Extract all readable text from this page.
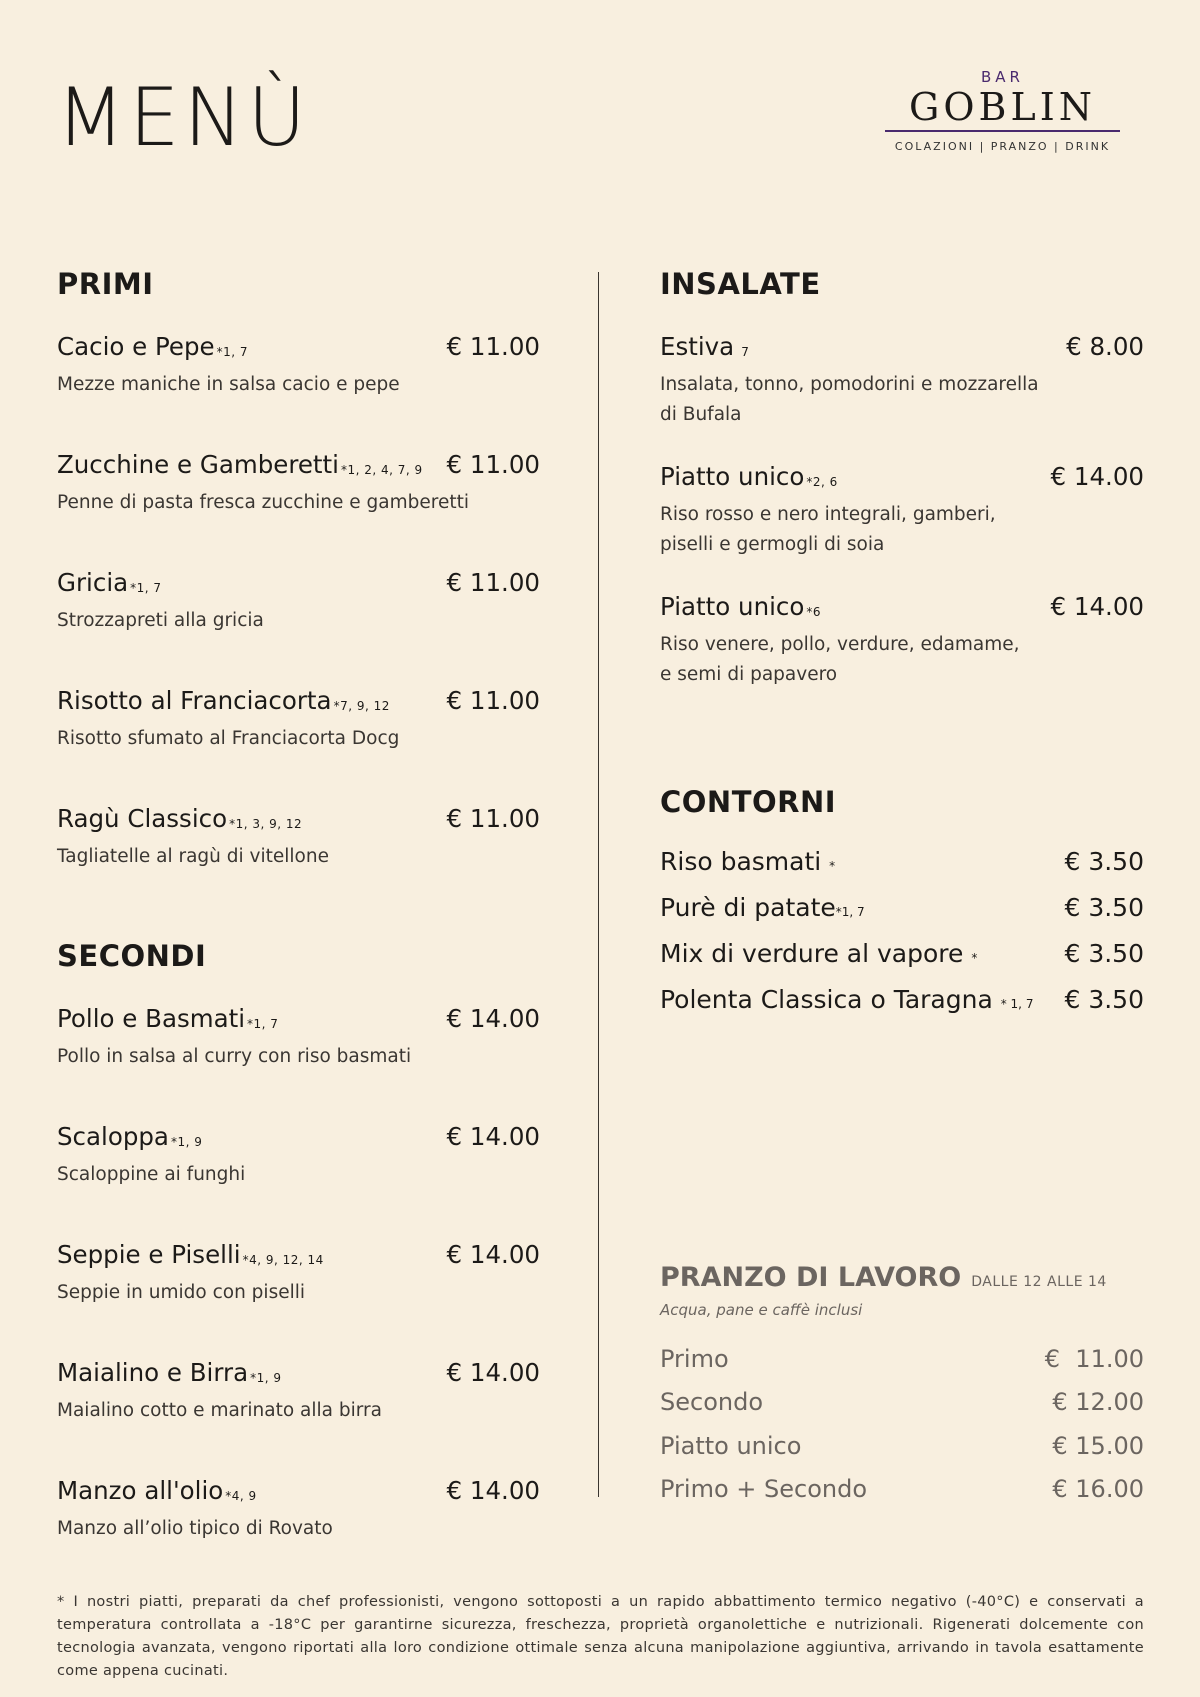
MENÙ	BAR
GOBLIN
COLAZIONI | PRANZO | DRINK
PRIMI
Cacio e Pepe *1, 7	€ 11.00
Mezze maniche in salsa cacio e pepe
Zucchine e Gamberetti *1, 2, 4, 7, 9 € 11.00
Penne di pasta fresca zucchine e gamberetti
Gricia *1, 7	€ 11.00
Strozzapreti alla gricia
Risotto al Franciacorta *7, 9, 12 € 11.00
Risotto sfumato al Franciacorta Docg
Ragù Classico *1, 3, 9, 12	€ 11.00
Tagliatelle al ragù di vitellone
SECONDI
Pollo e Basmati *1, 7	€ 14.00
Pollo in salsa al curry con riso basmati
Scaloppa *1, 9	€ 14.00
Scaloppine ai funghi
Seppie e Piselli *4, 9, 12, 14	€ 14.00
Seppie in umido con piselli
Maialino e Birra *1, 9	€ 14.00
Maialino cotto e marinato alla birra
Manzo all'olio *4, 9	€ 14.00
Manzo all’olio tipico di Rovato
INSALATE
Estiva 7	€ 8.00
Insalata, tonno, pomodorini e mozzarella
di Bufala
Piatto unico *2, 6	€ 14.00
Riso rosso e nero integrali, gamberi,
piselli e germogli di soia
Piatto unico *6	€ 14.00
Riso venere, pollo, verdure, edamame,
e semi di papavero
CONTORNI
Riso basmati *	€ 3.50
Purè di patate*1, 7	€ 3.50
Mix di verdure al vapore *	€ 3.50
Polenta Classica o Taragna * 1, 7 € 3.50
PRANZO DI LAVORO DALLE 12 ALLE 14
Acqua, pane e caffè inclusi
Primo	€  11.00
Secondo	€ 12.00
Piatto unico	€ 15.00
Primo + Secondo	€ 16.00

* I nostri piatti, preparati da chef professionisti, vengono sottoposti a un rapido abbattimento termico negativo (-40°C) e conservati a temperatura controllata a -18°C per garantirne sicurezza, freschezza, proprietà organolettiche e nutrizionali. Rigenerati dolcemente con tecnologia avanzata, vengono riportati alla loro condizione ottimale senza alcuna manipolazione aggiuntiva, arrivando in tavola esattamente come appena cucinati.
